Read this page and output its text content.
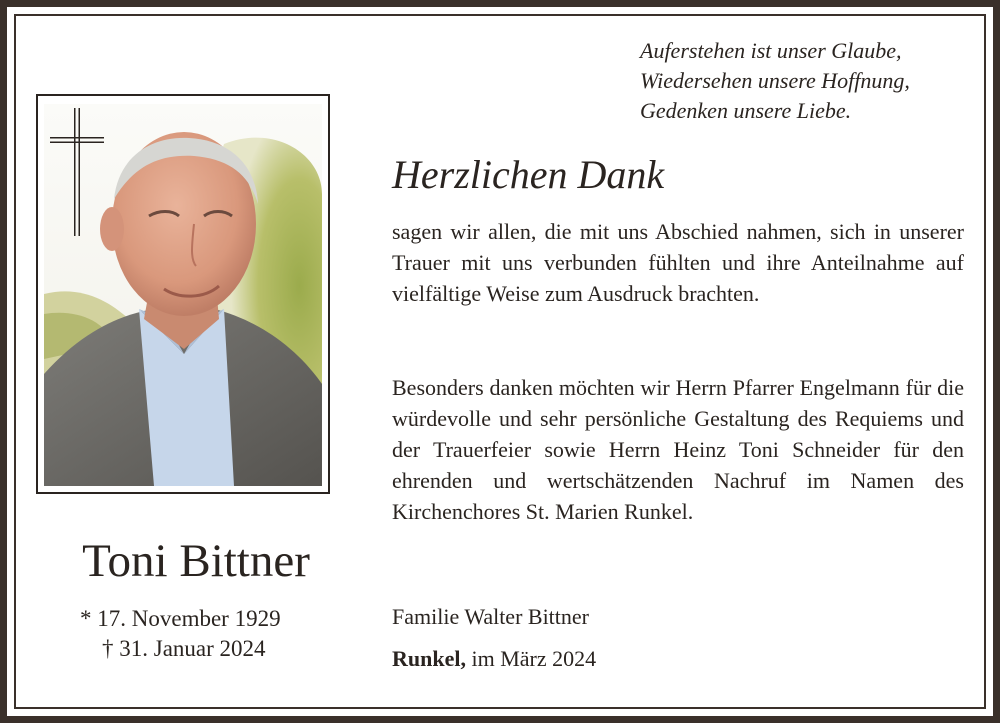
Auferstehen ist unser Glaube,
Wiedersehen unsere Hoffnung,
Gedenken unsere Liebe.
Toni Bittner
* 17. November 1929
† 31. Januar 2024
Herzlichen Dank
sagen wir allen, die mit uns Abschied nahmen, sich in unserer Trauer mit uns verbunden fühlten und ihre Anteilnahme auf vielfältige Weise zum Ausdruck brachten.
Besonders danken möchten wir Herrn Pfarrer Engelmann für die würdevolle und sehr persönliche Gestaltung des Requiems und der Trauerfeier sowie Herrn Heinz Toni Schneider für den ehrenden und wertschätzenden Nachruf im Namen des Kirchenchores St. Marien Runkel.
Familie Walter Bittner
Runkel, im März 2024
